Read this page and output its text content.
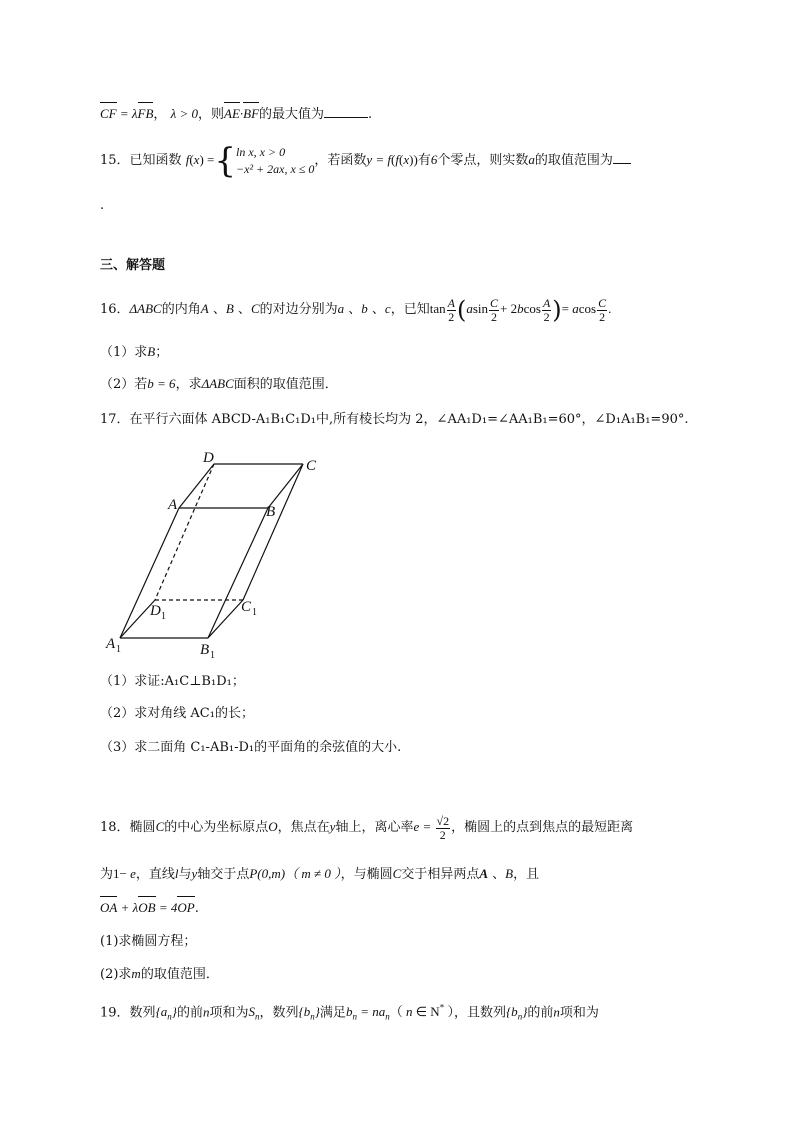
CF = λFB， λ > 0，则AE·BF的最大值为	.
15．已知函数 f(x) ={ ln x, x > 0
−x² + 2ax, x ≤ 0
，若函数y = f(f(x))有6个零点，则实数a的取值范围为
.
三、解答题
16．ΔABC的内角A 、B 、C的对边分别为a 、b 、c，已知$\tan \frac{A}{2} (asin \frac{C}{2} + 2bcos \frac{A}{2}$ )= acos $\frac{C}{2}$ .
（1）求B；
（2）若b = 6，求ΔABC面积的取值范围．
17．在平行六面体 ABCD-A₁B₁C₁D₁中,所有棱长均为 2，∠AA₁D₁=∠AA₁B₁=60°，∠D₁A₁B₁=90°.
D	C
A	B
D 1
C 1
A 1	B 1
（1）求证:A₁C⊥B₁D₁；
（2）求对角线 AC₁的长；
（3）求二面角 C₁-AB₁-D₁的平面角的余弦值的大小.
18．椭圆C的中心为坐标原点O，焦点在y轴上，离心率$e = \frac{√2}{2}$ ，椭圆上的点到焦点的最短距离
为1− e，直线l与y轴交于点P(0,m)（ m ≠ 0 ），与椭圆C交于相异两点A 、B，且
OA + λOB = 4OP.
(1)求椭圆方程；
(2)求m的取值范围．
19．数列$\{a_n\}$的前n项和为$S_n$，数列$\{b_n\}$满足$b_n = na_n$（ n ∈ N* ），且数列$\{b_n\}$的前n项和为
